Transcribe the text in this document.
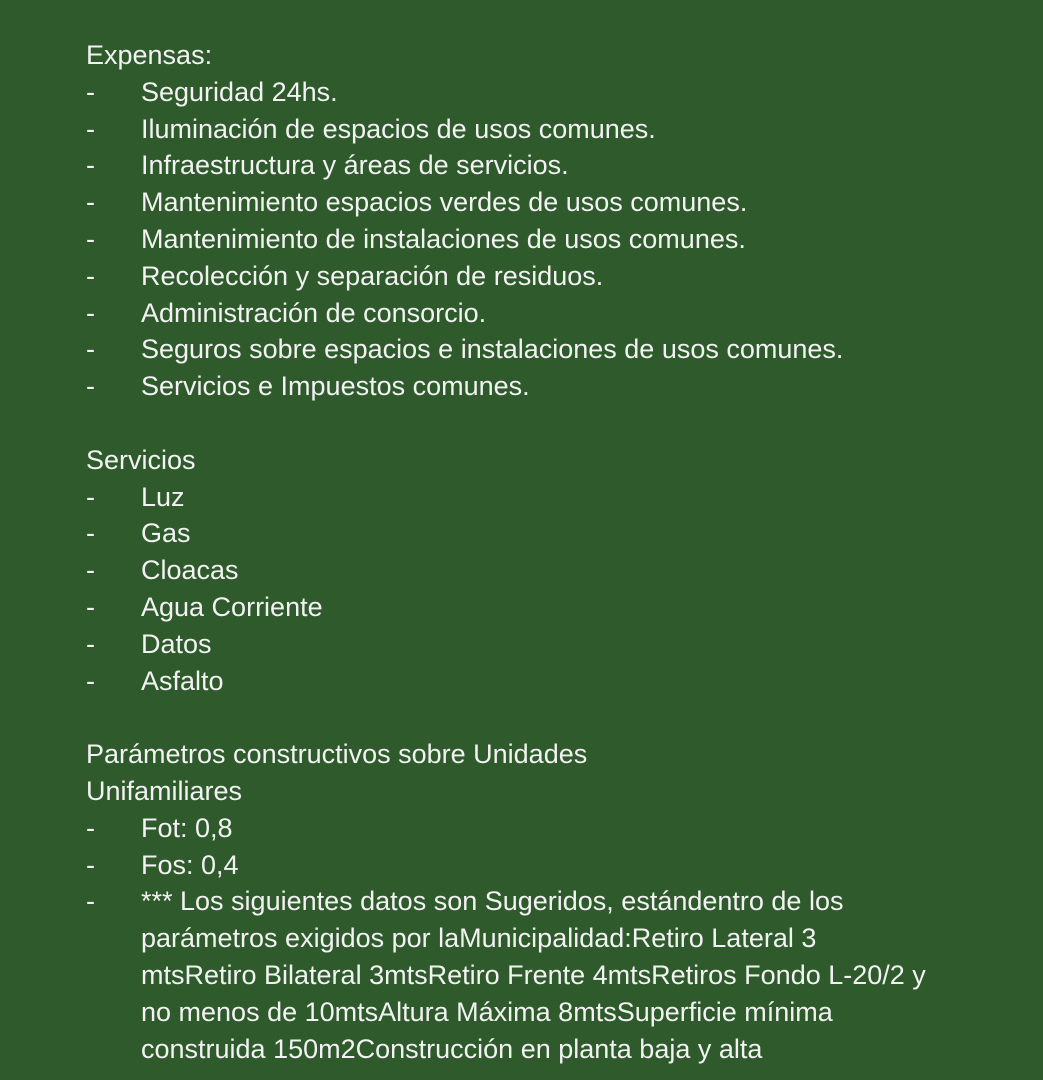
Expensas:

-	Seguridad 24hs.
-	Iluminación de espacios de usos comunes.
-	Infraestructura y áreas de servicios.
-	Mantenimiento espacios verdes de usos comunes.
-	Mantenimiento de instalaciones de usos comunes.
-	Recolección y separación de residuos.
-	Administración de consorcio.
-	Seguros sobre espacios e instalaciones de usos comunes.
-	Servicios e Impuestos comunes.

Servicios

-	Luz
-	Gas
-	Cloacas
-	Agua Corriente
-	Datos
-	Asfalto

Parámetros constructivos sobre Unidades Unifamiliares

-	Fot: 0,8
-	Fos: 0,4
-	*** Los siguientes datos son Sugeridos, estándentro de los parámetros exigidos por laMunicipalidad:Retiro Lateral 3 mtsRetiro Bilateral 3mtsRetiro Frente 4mtsRetiros Fondo L-20/2 y no menos de 10mtsAltura Máxima 8mtsSuperficie mínima construida 150m2Construcción en planta baja y alta
